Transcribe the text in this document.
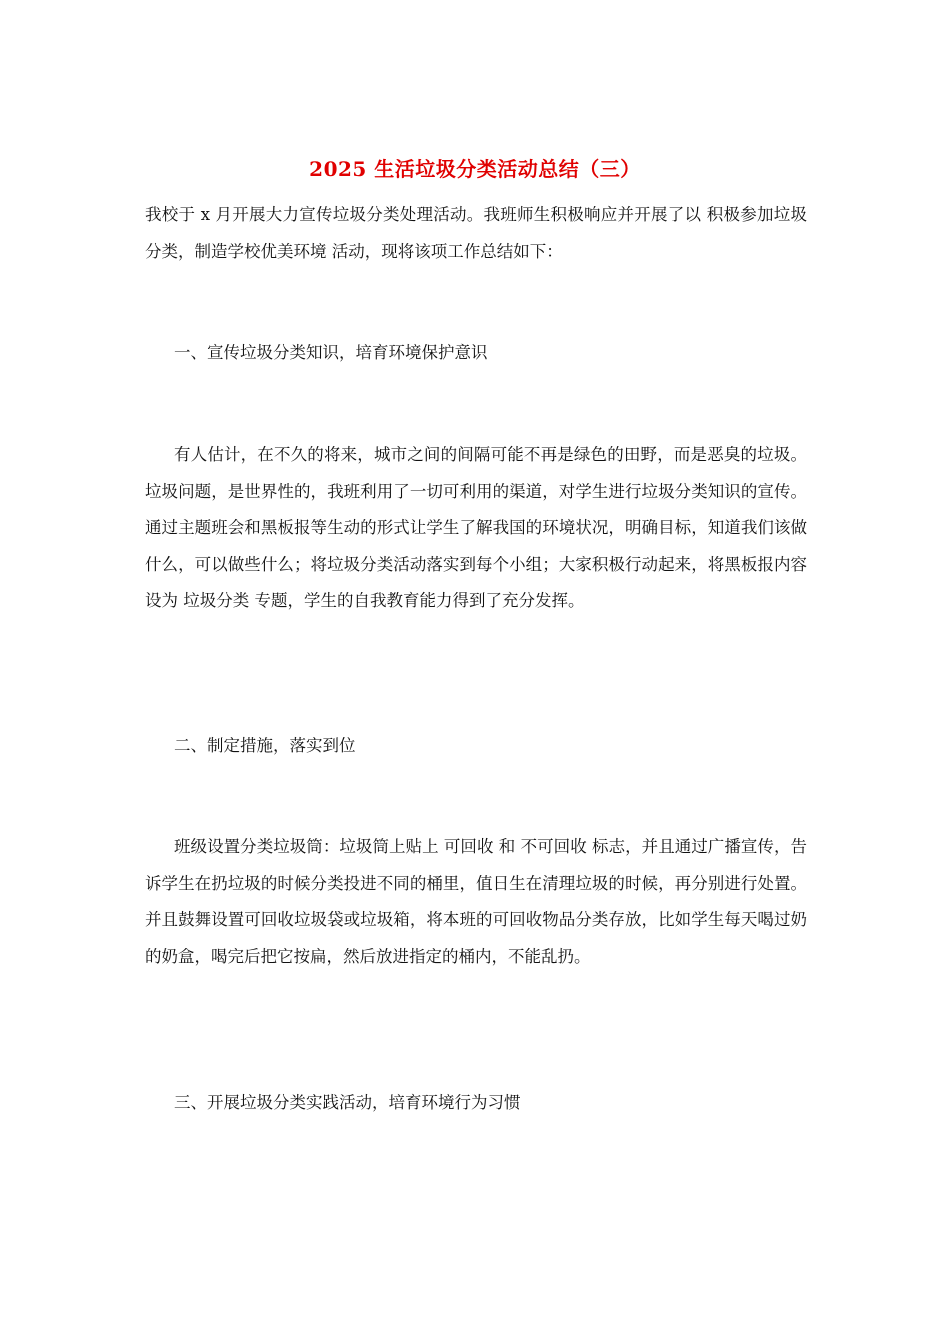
2025 生活垃圾分类活动总结（三）

我校于 x 月开展大力宣传垃圾分类处理活动。我班师生积极响应并开展了以 积极参加垃圾分类，制造学校优美环境 活动，现将该项工作总结如下：

一、宣传垃圾分类知识，培育环境保护意识

有人估计，在不久的将来，城市之间的间隔可能不再是绿色的田野，而是恶臭的垃圾。垃圾问题，是世界性的，我班利用了一切可利用的渠道，对学生进行垃圾分类知识的宣传。通过主题班会和黑板报等生动的形式让学生了解我国的环境状况，明确目标，知道我们该做什么，可以做些什么；将垃圾分类活动落实到每个小组；大家积极行动起来，将黑板报内容设为 垃圾分类 专题，学生的自我教育能力得到了充分发挥。

二、制定措施，落实到位

班级设置分类垃圾筒：垃圾筒上贴上 可回收 和 不可回收 标志，并且通过广播宣传，告诉学生在扔垃圾的时候分类投进不同的桶里，值日生在清理垃圾的时候，再分别进行处置。并且鼓舞设置可回收垃圾袋或垃圾箱，将本班的可回收物品分类存放，比如学生每天喝过奶的奶盒，喝完后把它按扁，然后放进指定的桶内，不能乱扔。

三、开展垃圾分类实践活动，培育环境行为习惯
